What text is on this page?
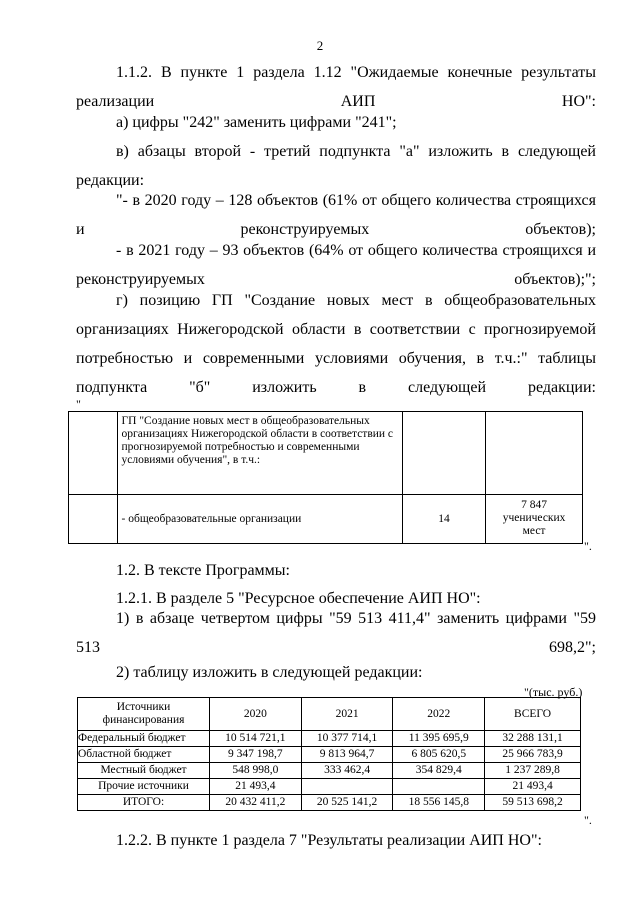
2

1.1.2. В пункте 1 раздела 1.12 "Ожидаемые конечные результаты реализации АИП НО":

а) цифры "242" заменить цифрами "241";

в) абзацы второй - третий подпункта "а" изложить в следующей редакции:

"- в 2020 году – 128 объектов (61% от общего количества строящихся и реконструируемых объектов);

- в 2021 году – 93 объектов (64% от общего количества строящихся и реконструируемых объектов);";

г) позицию ГП "Создание новых мест в общеобразовательных организациях Нижегородской области в соответствии с прогнозируемой потребностью и современными условиями обучения, в т.ч.:" таблицы подпункта "б" изложить в следующей редакции:

"
	ГП "Создание новых мест в общеобразовательных организациях Нижегородской области в соответствии с прогнозируемой потребностью и современными условиями обучения", в т.ч.:		
	- общеобразовательные организации	14	7 847 ученических мест
".

1.2. В тексте Программы:

1.2.1. В разделе 5 "Ресурсное обеспечение АИП НО":

1) в абзаце четвертом цифры "59 513 411,4" заменить цифрами "59 513 698,2";

2) таблицу изложить в следующей редакции:

"(тыс. руб.)
Источники финансирования	2020	2021	2022	ВСЕГО
Федеральный бюджет	10 514 721,1	10 377 714,1	11 395 695,9	32 288 131,1
Областной бюджет	9 347 198,7	9 813 964,7	6 805 620,5	25 966 783,9
Местный бюджет	548 998,0	333 462,4	354 829,4	1 237 289,8
Прочие источники	21 493,4			21 493,4
ИТОГО:	20 432 411,2	20 525 141,2	18 556 145,8	59 513 698,2
".

1.2.2. В пункте 1 раздела 7 "Результаты реализации АИП НО":
